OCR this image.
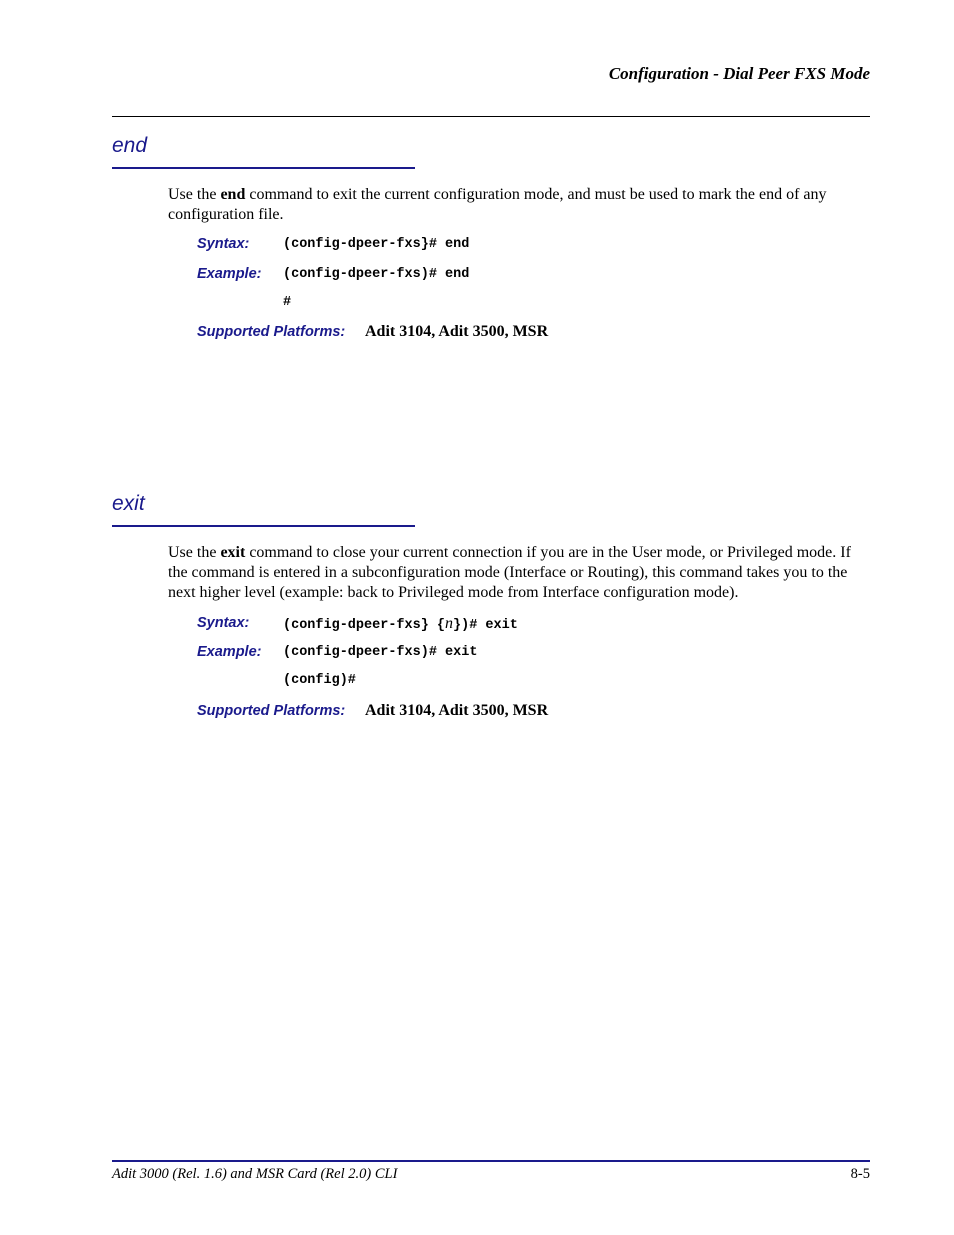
Configuration - Dial Peer FXS Mode
end
Use the end command to exit the current configuration mode, and must be used to mark the end of any configuration file.
Syntax: (config-dpeer-fxs}# end
Example: (config-dpeer-fxs)# end
#
Supported Platforms: Adit 3104, Adit 3500, MSR
exit
Use the exit command to close your current connection if you are in the User mode, or Privileged mode. If the command is entered in a subconfiguration mode (Interface or Routing), this command takes you to the next higher level (example: back to Privileged mode from Interface configuration mode).
Syntax: (config-dpeer-fxs} {n})# exit
Example: (config-dpeer-fxs)# exit
(config)#
Supported Platforms: Adit 3104, Adit 3500, MSR
Adit 3000 (Rel. 1.6) and MSR Card (Rel 2.0) CLI	8-5
